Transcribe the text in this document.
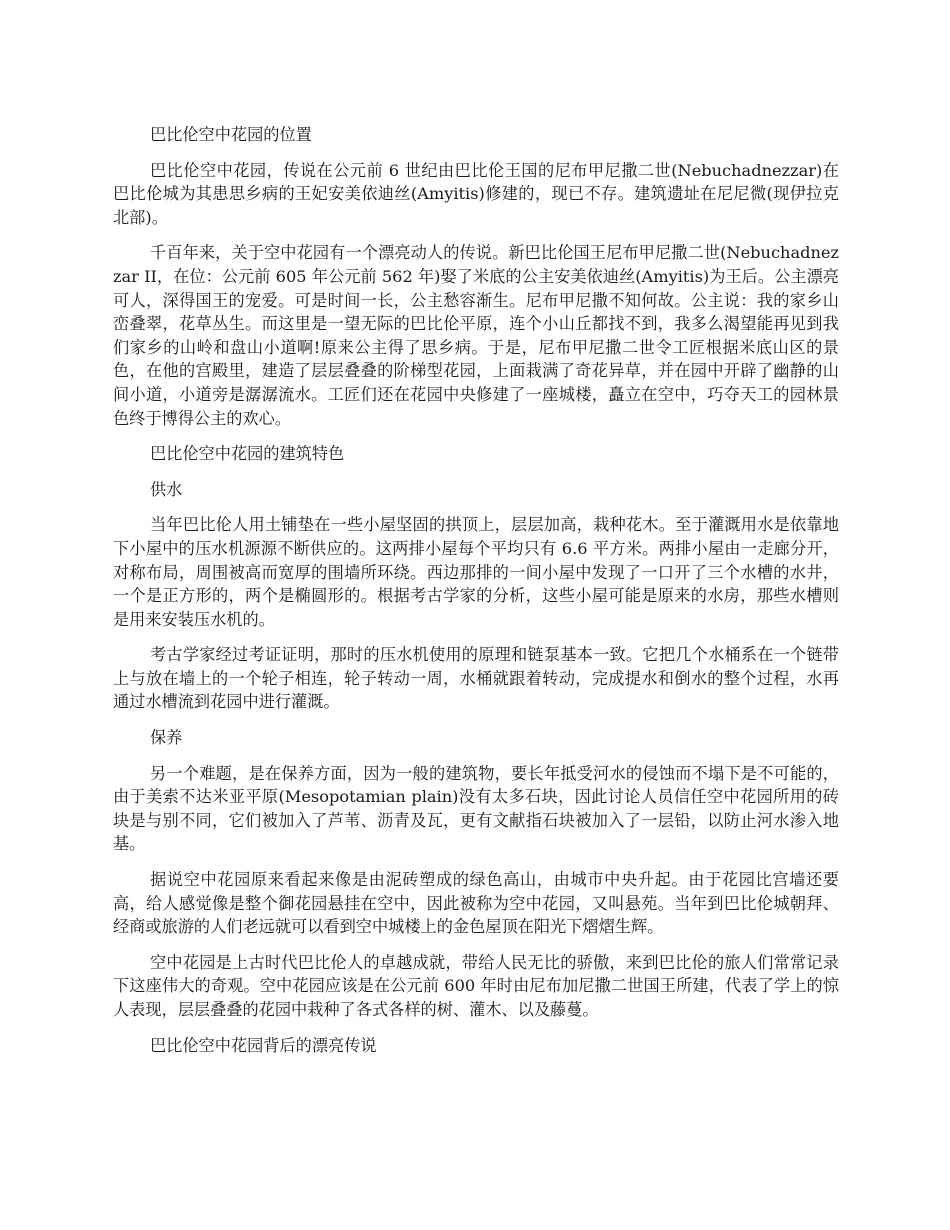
巴比伦空中花园的位置

巴比伦空中花园，传说在公元前 6 世纪由巴比伦王国的尼布甲尼撒二世(Nebuchadnezzar)在巴比伦城为其患思乡病的王妃安美依迪丝(Amyitis)修建的，现已不存。建筑遗址在尼尼微(现伊拉克北部)。

千百年来，关于空中花园有一个漂亮动人的传说。新巴比伦国王尼布甲尼撒二世(Nebuchadnezzar II，在位：公元前 605 年公元前 562 年)娶了米底的公主安美依迪丝(Amyitis)为王后。公主漂亮可人，深得国王的宠爱。可是时间一长，公主愁容渐生。尼布甲尼撒不知何故。公主说：我的家乡山峦叠翠，花草丛生。而这里是一望无际的巴比伦平原，连个小山丘都找不到，我多么渴望能再见到我们家乡的山岭和盘山小道啊!原来公主得了思乡病。于是，尼布甲尼撒二世令工匠根据米底山区的景色，在他的宫殿里，建造了层层叠叠的阶梯型花园，上面栽满了奇花异草，并在园中开辟了幽静的山间小道，小道旁是潺潺流水。工匠们还在花园中央修建了一座城楼，矗立在空中，巧夺天工的园林景色终于博得公主的欢心。

巴比伦空中花园的建筑特色

供水

当年巴比伦人用土铺垫在一些小屋坚固的拱顶上，层层加高，栽种花木。至于灌溉用水是依靠地下小屋中的压水机源源不断供应的。这两排小屋每个平均只有 6.6 平方米。两排小屋由一走廊分开，对称布局，周围被高而宽厚的围墙所环绕。西边那排的一间小屋中发现了一口开了三个水槽的水井，一个是正方形的，两个是椭圆形的。根据考古学家的分析，这些小屋可能是原来的水房，那些水槽则是用来安装压水机的。

考古学家经过考证证明，那时的压水机使用的原理和链泵基本一致。它把几个水桶系在一个链带上与放在墙上的一个轮子相连，轮子转动一周，水桶就跟着转动，完成提水和倒水的整个过程，水再通过水槽流到花园中进行灌溉。

保养

另一个难题，是在保养方面，因为一般的建筑物，要长年抵受河水的侵蚀而不塌下是不可能的，由于美索不达米亚平原(Mesopotamian plain)没有太多石块，因此讨论人员信任空中花园所用的砖块是与别不同，它们被加入了芦苇、沥青及瓦，更有文献指石块被加入了一层铅，以防止河水渗入地基。

据说空中花园原来看起来像是由泥砖塑成的绿色高山，由城市中央升起。由于花园比宫墙还要高，给人感觉像是整个御花园悬挂在空中，因此被称为空中花园，又叫悬苑。当年到巴比伦城朝拜、经商或旅游的人们老远就可以看到空中城楼上的金色屋顶在阳光下熠熠生辉。

空中花园是上古时代巴比伦人的卓越成就，带给人民无比的骄傲，来到巴比伦的旅人们常常记录下这座伟大的奇观。空中花园应该是在公元前 600 年时由尼布加尼撒二世国王所建，代表了学上的惊人表现，层层叠叠的花园中栽种了各式各样的树、灌木、以及藤蔓。

巴比伦空中花园背后的漂亮传说
